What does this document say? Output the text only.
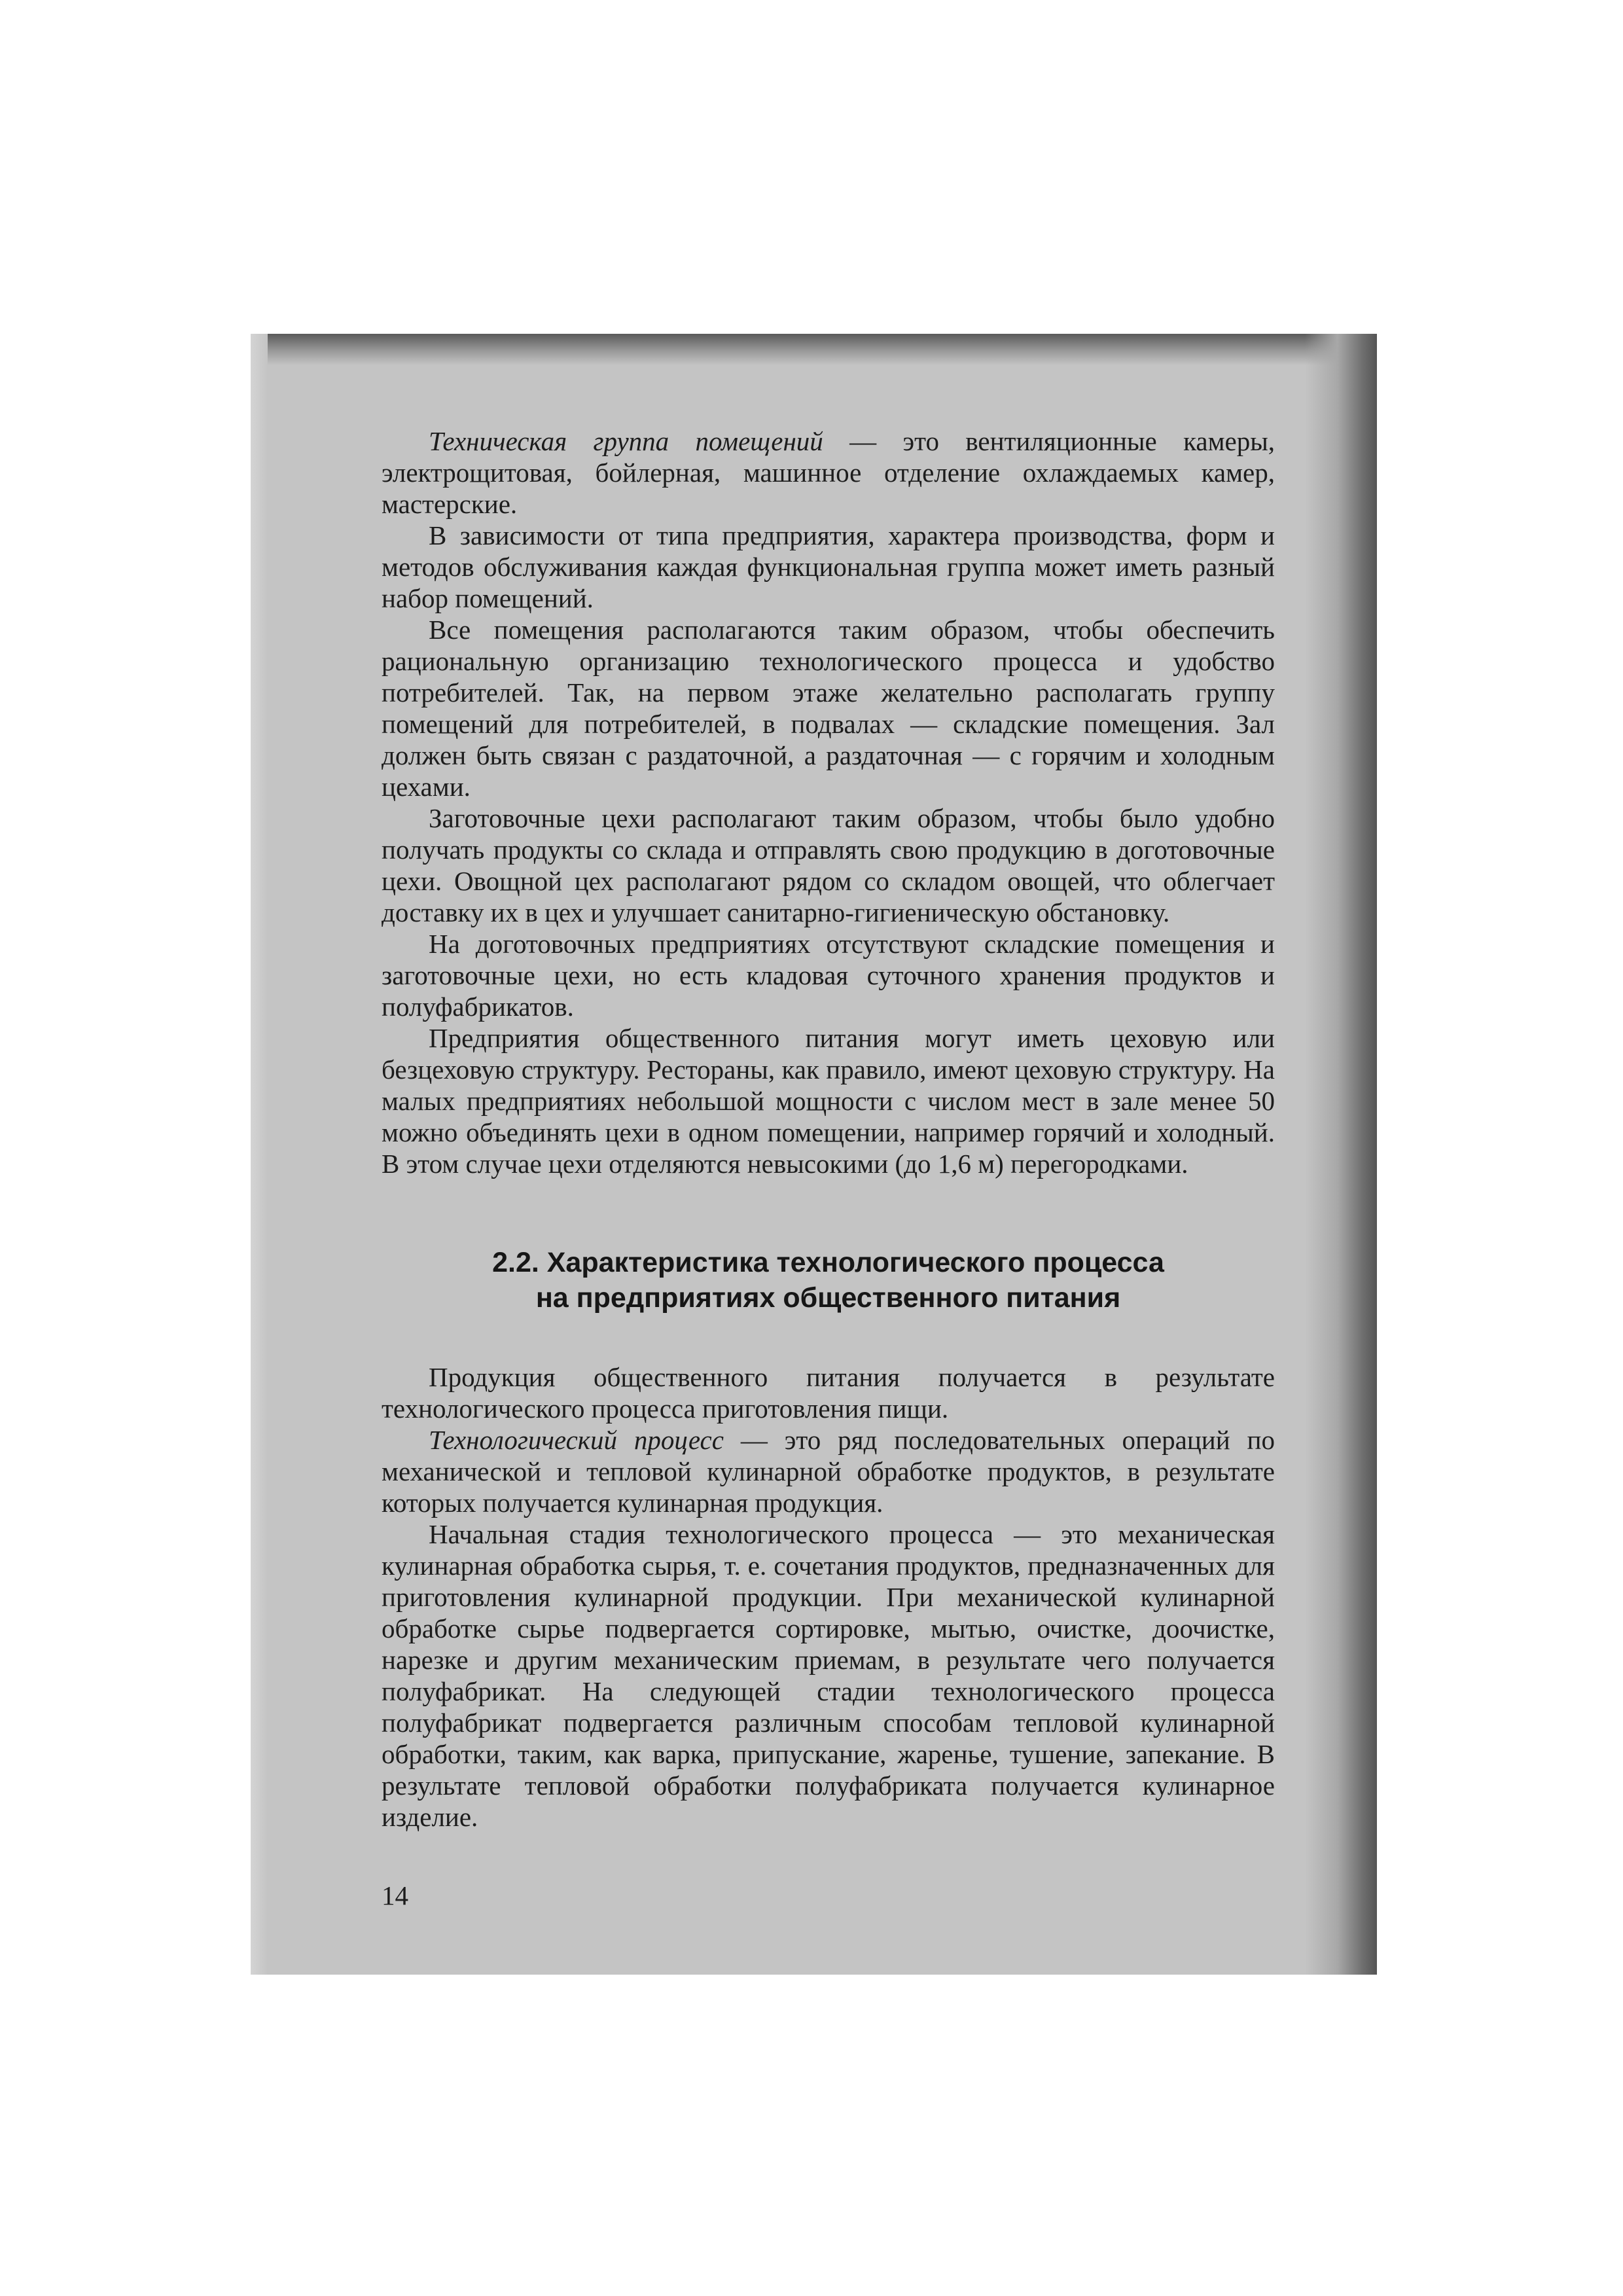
Техническая группа помещений — это вентиляционные камеры, электрощитовая, бойлерная, машинное отделение охлаждаемых камер, мастерские.

В зависимости от типа предприятия, характера производства, форм и методов обслуживания каждая функциональная группа может иметь разный набор помещений.

Все помещения располагаются таким образом, чтобы обеспечить рациональную организацию технологического процесса и удобство потребителей. Так, на первом этаже желательно располагать группу помещений для потребителей, в подвалах — складские помещения. Зал должен быть связан с раздаточной, а раздаточная — с горячим и холодным цехами.

Заготовочные цехи располагают таким образом, чтобы было удобно получать продукты со склада и отправлять свою продукцию в доготовочные цехи. Овощной цех располагают рядом со складом овощей, что облегчает доставку их в цех и улучшает санитарно-гигиеническую обстановку.

На доготовочных предприятиях отсутствуют складские помещения и заготовочные цехи, но есть кладовая суточного хранения продуктов и полуфабрикатов.

Предприятия общественного питания могут иметь цеховую или безцеховую структуру. Рестораны, как правило, имеют цеховую структуру. На малых предприятиях небольшой мощности с числом мест в зале менее 50 можно объединять цехи в одном помещении, например горячий и холодный. В этом случае цехи отделяются невысокими (до 1,6 м) перегородками.

2.2. Характеристика технологического процесса
на предприятиях общественного питания

Продукция общественного питания получается в результате технологического процесса приготовления пищи.

Технологический процесс — это ряд последовательных операций по механической и тепловой кулинарной обработке продуктов, в результате которых получается кулинарная продукция.

Начальная стадия технологического процесса — это механическая кулинарная обработка сырья, т. е. сочетания продуктов, предназначенных для приготовления кулинарной продукции. При механической кулинарной обработке сырье подвергается сортировке, мытью, очистке, доочистке, нарезке и другим механическим приемам, в результате чего получается полуфабрикат. На следующей стадии технологического процесса полуфабрикат подвергается различным способам тепловой кулинарной обработки, таким, как варка, припускание, жаренье, тушение, запекание. В результате тепловой обработки полуфабриката получается кулинарное изделие.

14
